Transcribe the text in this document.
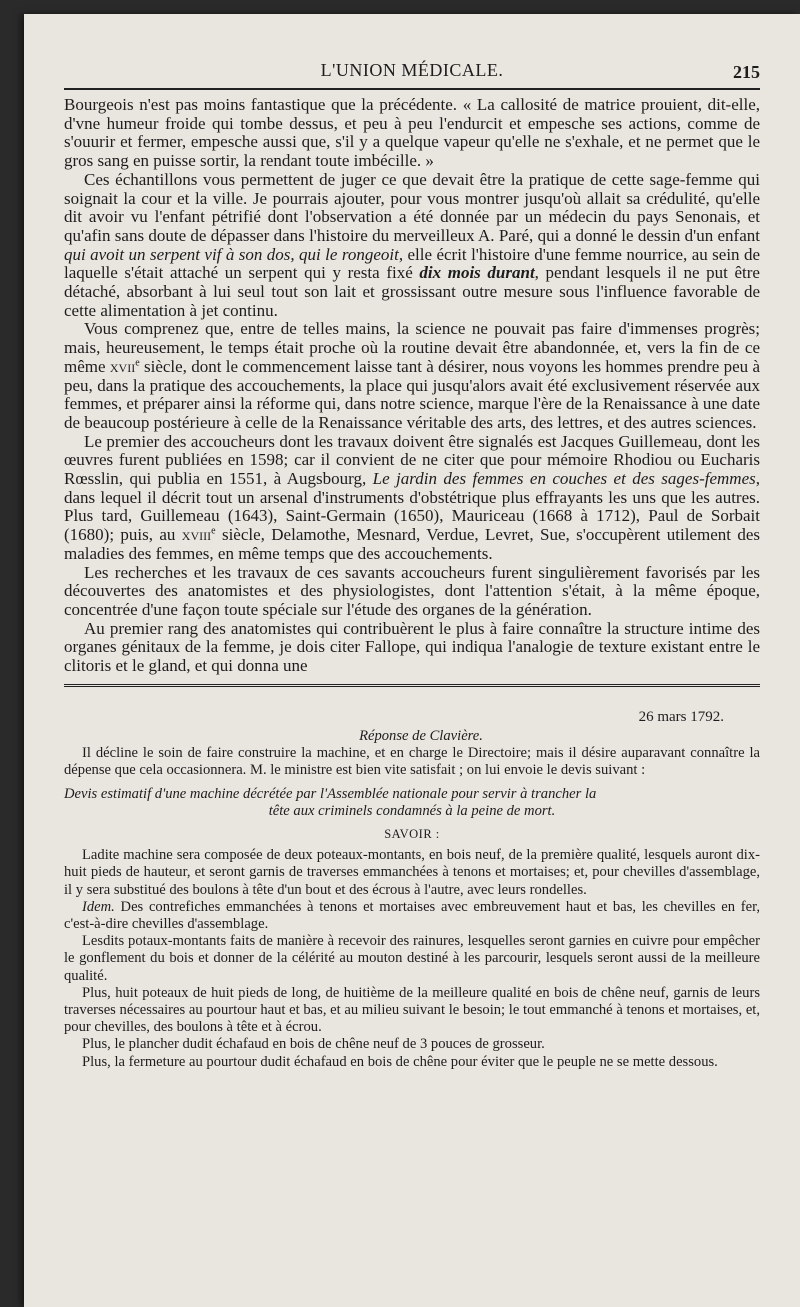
L'UNION MÉDICALE.	215

Bourgeois n'est pas moins fantastique que la précédente. « La callosité de matrice prouient, dit-elle, d'vne humeur froide qui tombe dessus, et peu à peu l'endurcit et empesche ses actions, comme de s'ouurir et fermer, empesche aussi que, s'il y a quelque vapeur qu'elle ne s'exhale, et ne permet que le gros sang en puisse sortir, la rendant toute imbécille. »

Ces échantillons vous permettent de juger ce que devait être la pratique de cette sage-femme qui soignait la cour et la ville. Je pourrais ajouter, pour vous montrer jusqu'où allait sa crédulité, qu'elle dit avoir vu l'enfant pétrifié dont l'observation a été donnée par un médecin du pays Senonais, et qu'afin sans doute de dépasser dans l'histoire du merveilleux A. Paré, qui a donné le dessin d'un enfant qui avoit un serpent vif à son dos, qui le rongeoit, elle écrit l'histoire d'une femme nourrice, au sein de laquelle s'était attaché un serpent qui y resta fixé dix mois durant, pendant lesquels il ne put être détaché, absorbant à lui seul tout son lait et grossissant outre mesure sous l'influence favorable de cette alimentation à jet continu.

Vous comprenez que, entre de telles mains, la science ne pouvait pas faire d'immenses progrès; mais, heureusement, le temps était proche où la routine devait être abandonnée, et, vers la fin de ce même xvii$^e$ siècle, dont le commencement laisse tant à désirer, nous voyons les hommes prendre peu à peu, dans la pratique des accouchements, la place qui jusqu'alors avait été exclusivement réservée aux femmes, et préparer ainsi la réforme qui, dans notre science, marque l'ère de la Renaissance à une date de beaucoup postérieure à celle de la Renaissance véritable des arts, des lettres, et des autres sciences.

Le premier des accoucheurs dont les travaux doivent être signalés est Jacques Guillemeau, dont les œuvres furent publiées en 1598; car il convient de ne citer que pour mémoire Rhodiou ou Eucharis Rœsslin, qui publia en 1551, à Augsbourg, Le jardin des femmes en couches et des sages-femmes, dans lequel il décrit tout un arsenal d'instruments d'obstétrique plus effrayants les uns que les autres. Plus tard, Guillemeau (1643), Saint-Germain (1650), Mauriceau (1668 à 1712), Paul de Sorbait (1680); puis, au xviii$^e$ siècle, Delamothe, Mesnard, Verdue, Levret, Sue, s'occupèrent utilement des maladies des femmes, en même temps que des accouchements.

Les recherches et les travaux de ces savants accoucheurs furent singulièrement favorisés par les découvertes des anatomistes et des physiologistes, dont l'attention s'était, à la même époque, concentrée d'une façon toute spéciale sur l'étude des organes de la génération.

Au premier rang des anatomistes qui contribuèrent le plus à faire connaître la structure intime des organes génitaux de la femme, je dois citer Fallope, qui indiqua l'analogie de texture existant entre le clitoris et le gland, et qui donna une

26 mars 1792.

Réponse de Clavière.

Il décline le soin de faire construire la machine, et en charge le Directoire; mais il désire auparavant connaître la dépense que cela occasionnera. M. le ministre est bien vite satisfait ; on lui envoie le devis suivant :

Devis estimatif d'une machine décrétée par l'Assemblée nationale pour servir à trancher la

tête aux criminels condamnés à la peine de mort.

SAVOIR :

Ladite machine sera composée de deux poteaux-montants, en bois neuf, de la première qualité, lesquels auront dix-huit pieds de hauteur, et seront garnis de traverses emmanchées à tenons et mortaises; et, pour chevilles d'assemblage, il y sera substitué des boulons à tête d'un bout et des écrous à l'autre, avec leurs rondelles.

Idem. Des contrefiches emmanchées à tenons et mortaises avec embreuvement haut et bas, les chevilles en fer, c'est-à-dire chevilles d'assemblage.

Lesdits potaux-montants faits de manière à recevoir des rainures, lesquelles seront garnies en cuivre pour empêcher le gonflement du bois et donner de la célérité au mouton destiné à les parcourir, lesquels seront aussi de la meilleure qualité.

Plus, huit poteaux de huit pieds de long, de huitième de la meilleure qualité en bois de chêne neuf, garnis de leurs traverses nécessaires au pourtour haut et bas, et au milieu suivant le besoin; le tout emmanché à tenons et mortaises, et, pour chevilles, des boulons à tête et à écrou.

Plus, le plancher dudit échafaud en bois de chêne neuf de 3 pouces de grosseur.

Plus, la fermeture au pourtour dudit échafaud en bois de chêne pour éviter que le peuple ne se mette dessous.
